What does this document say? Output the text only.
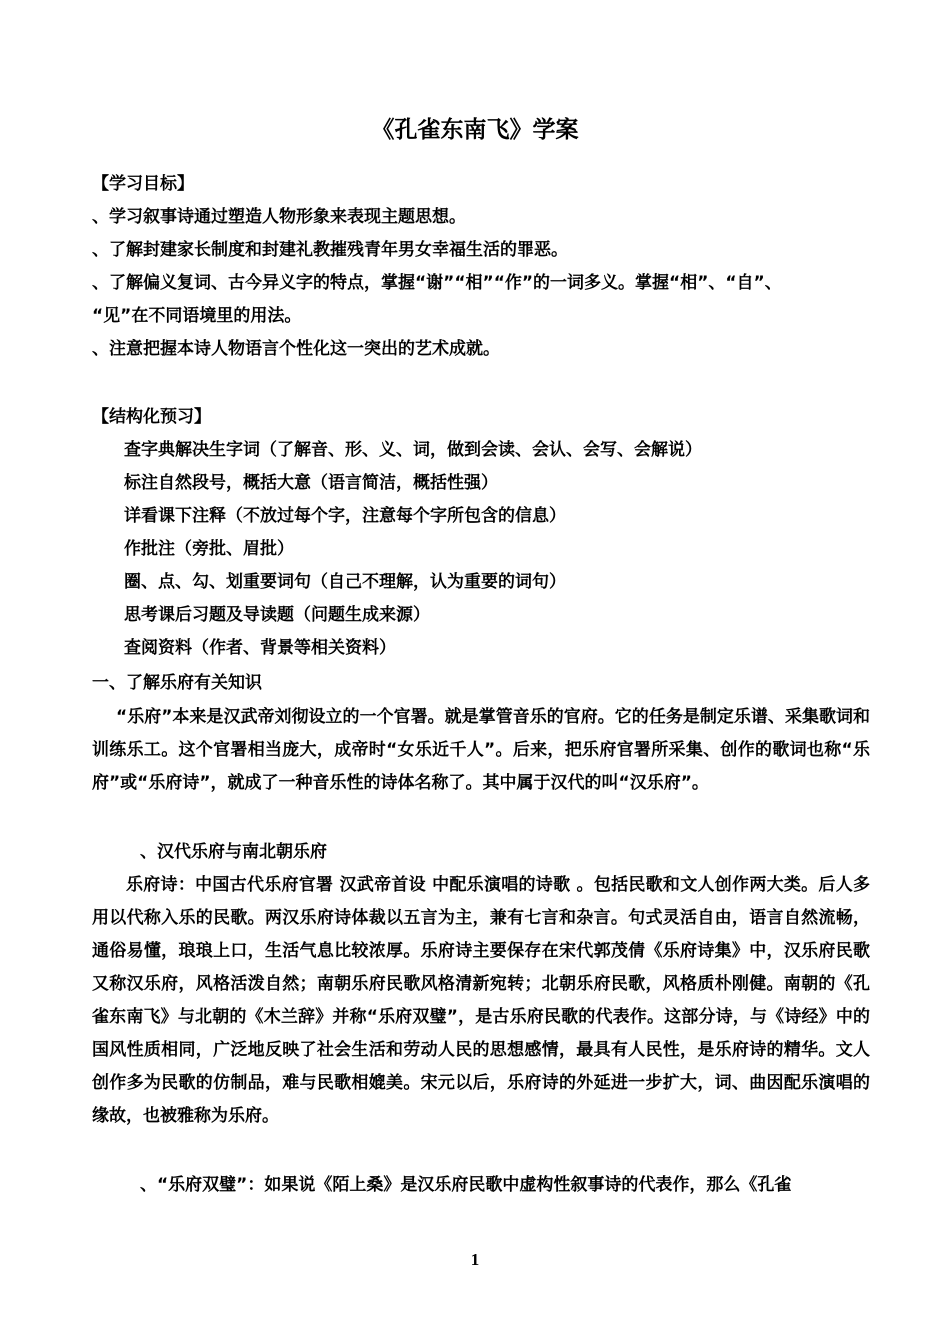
《孔雀东南飞》学案
【学习目标】
、学习叙事诗通过塑造人物形象来表现主题思想。
、了解封建家长制度和封建礼教摧残青年男女幸福生活的罪恶。
、了解偏义复词、古今异义字的特点，掌握“谢”“相”“作”的一词多义。掌握“相”、“自”、
“见”在不同语境里的用法。
、注意把握本诗人物语言个性化这一突出的艺术成就。
【结构化预习】
查字典解决生字词（了解音、形、义、词，做到会读、会认、会写、会解说）
标注自然段号，概括大意（语言简洁，概括性强）
详看课下注释（不放过每个字，注意每个字所包含的信息）
作批注（旁批、眉批）
圈、点、勾、划重要词句（自己不理解，认为重要的词句）
思考课后习题及导读题（问题生成来源）
查阅资料（作者、背景等相关资料）
一、了解乐府有关知识
“乐府”本来是汉武帝刘彻设立的一个官署。就是掌管音乐的官府。它的任务是制定乐谱、采集歌词和训练乐工。这个官署相当庞大，成帝时“女乐近千人”。后来，把乐府官署所采集、创作的歌词也称“乐府”或“乐府诗”，就成了一种音乐性的诗体名称了。其中属于汉代的叫“汉乐府”。
、汉代乐府与南北朝乐府
乐府诗：中国古代乐府官署 汉武帝首设 中配乐演唱的诗歌 。包括民歌和文人创作两大类。后人多用以代称入乐的民歌。两汉乐府诗体裁以五言为主，兼有七言和杂言。句式灵活自由，语言自然流畅，通俗易懂，琅琅上口，生活气息比较浓厚。乐府诗主要保存在宋代郭茂倩《乐府诗集》中，汉乐府民歌又称汉乐府，风格活泼自然；南朝乐府民歌风格清新宛转；北朝乐府民歌，风格质朴刚健。南朝的《孔雀东南飞》与北朝的《木兰辞》并称“乐府双璧”，是古乐府民歌的代表作。这部分诗，与《诗经》中的国风性质相同，广泛地反映了社会生活和劳动人民的思想感情，最具有人民性，是乐府诗的精华。文人创作多为民歌的仿制品，难与民歌相媲美。宋元以后，乐府诗的外延进一步扩大，词、曲因配乐演唱的缘故，也被雅称为乐府。
、“乐府双璧”：如果说《陌上桑》是汉乐府民歌中虚构性叙事诗的代表作，那么《孔雀
1
